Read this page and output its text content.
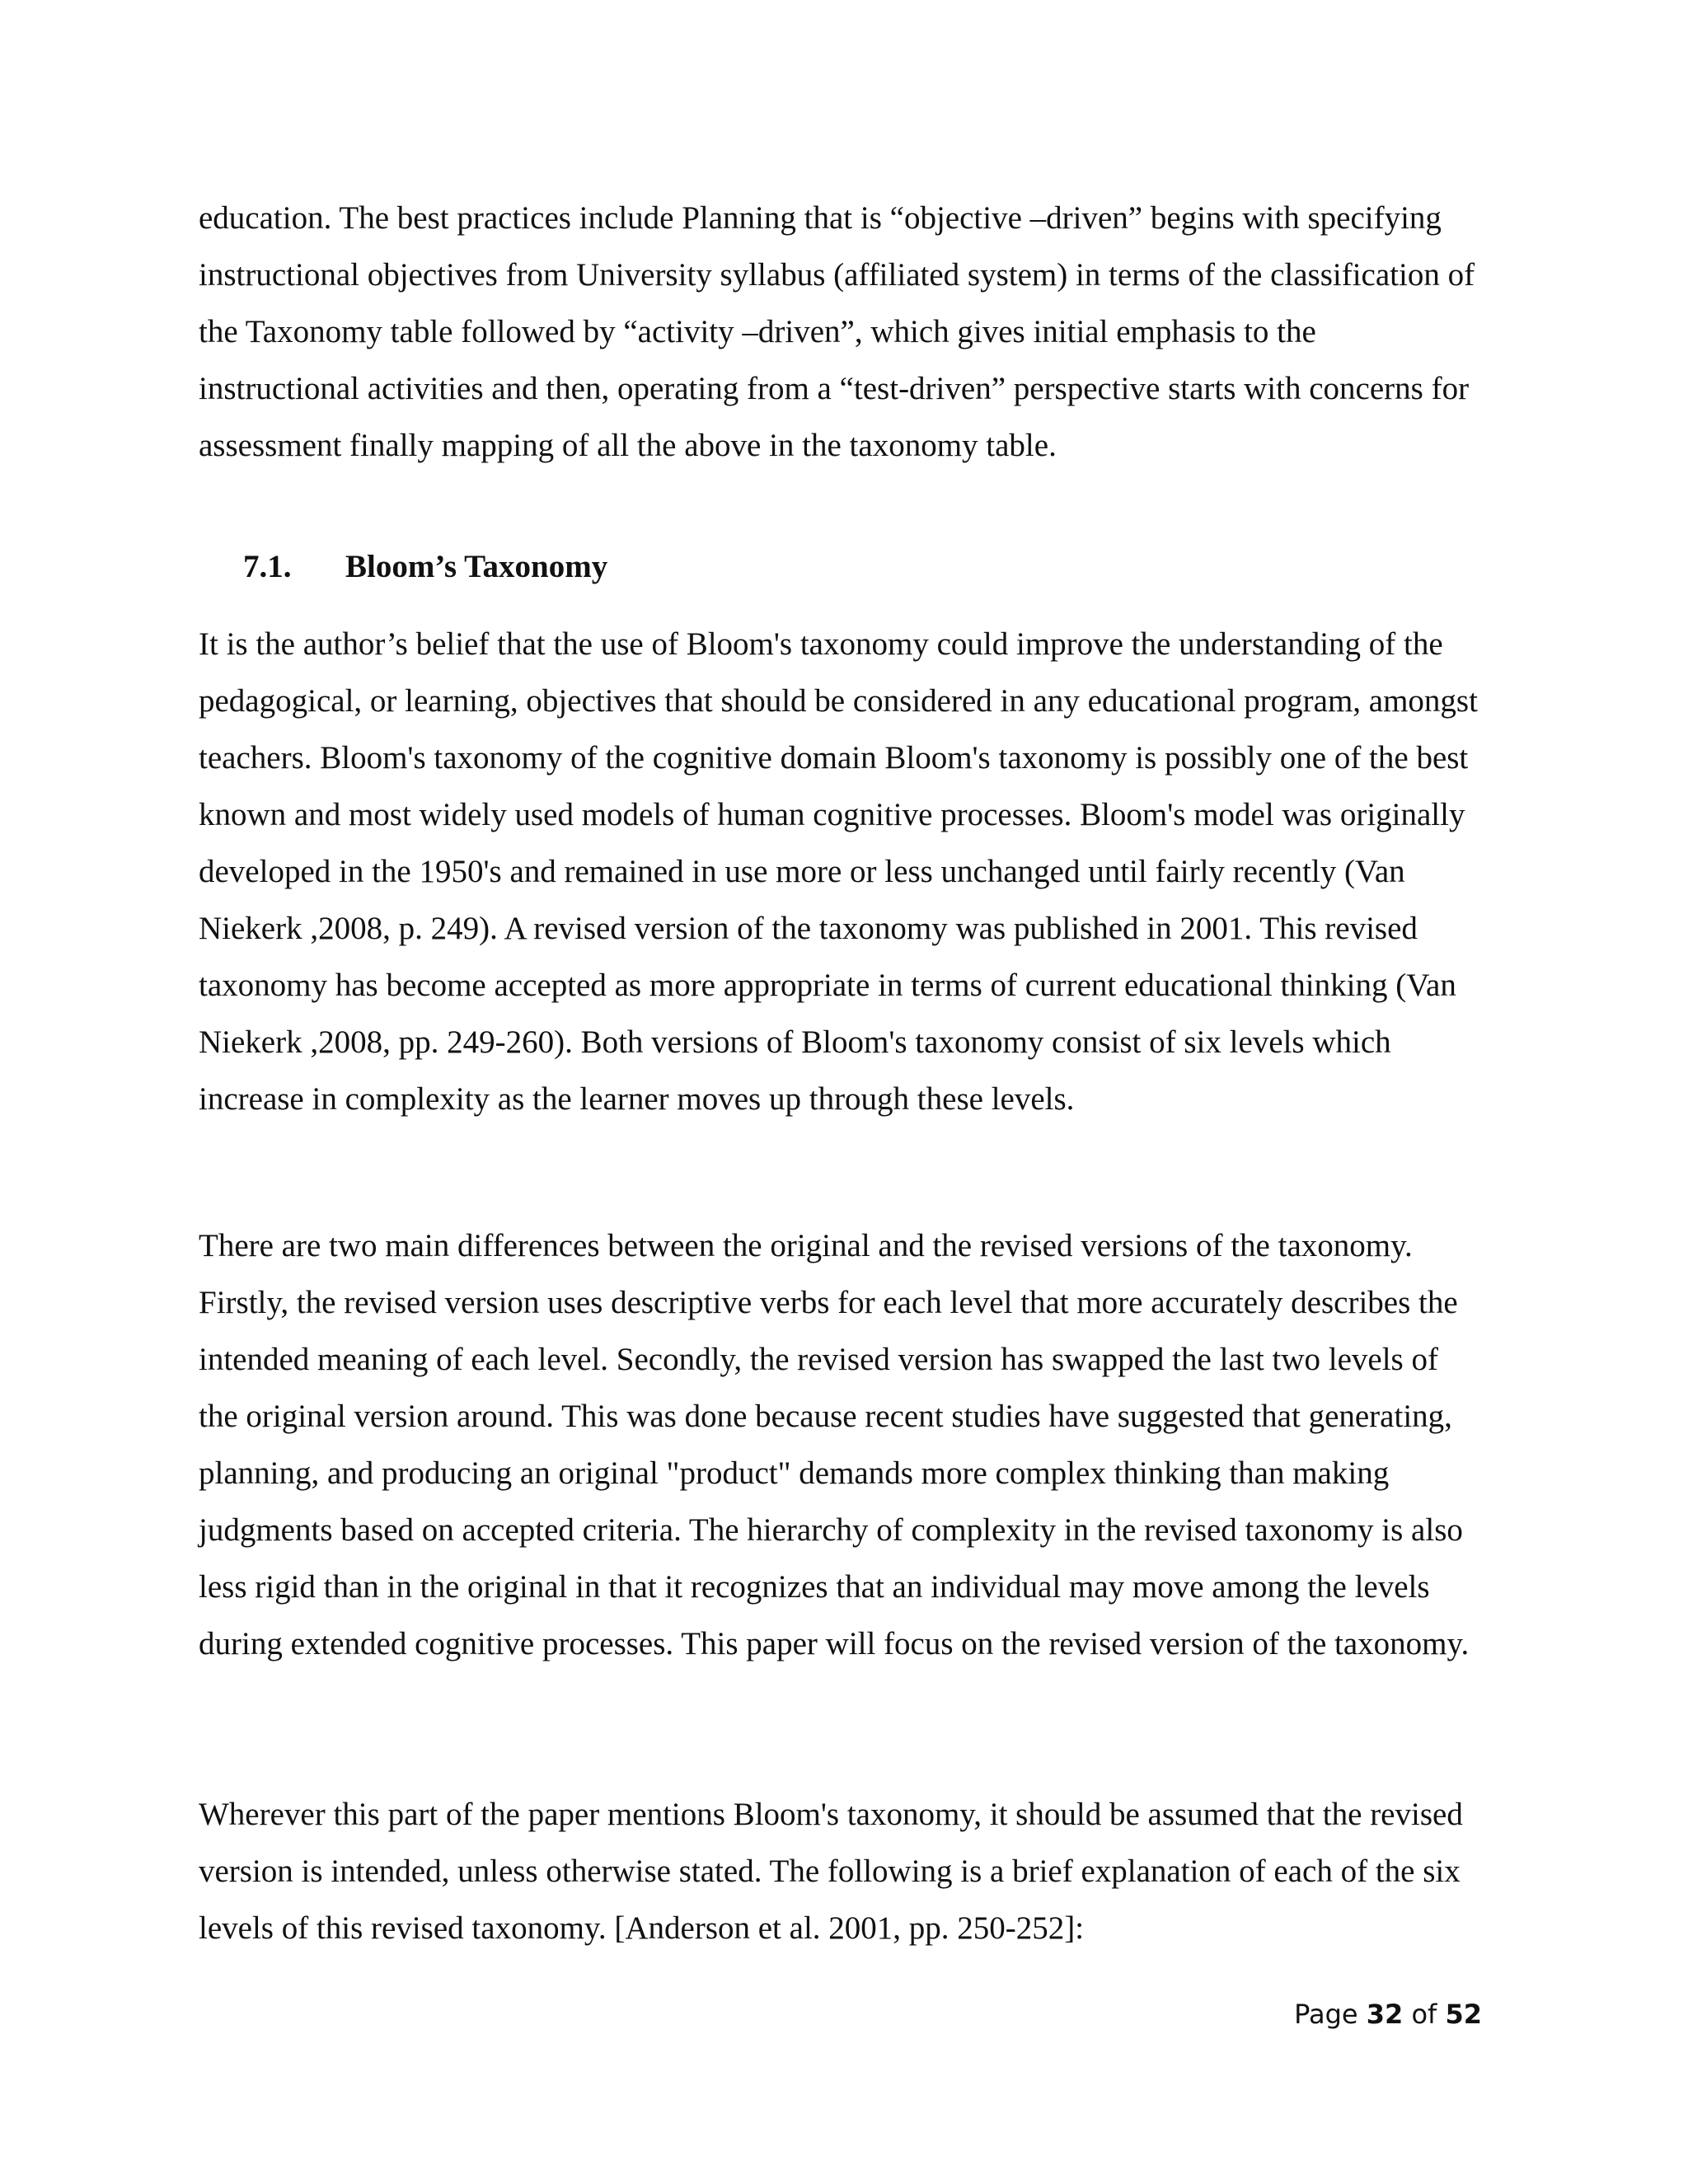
education. The best practices include Planning that is “objective –driven” begins with specifying instructional objectives from University syllabus (affiliated system) in terms of the classification of the Taxonomy table followed by “activity –driven”, which gives initial emphasis to the instructional activities and then, operating from a “test-driven” perspective starts with concerns for assessment finally mapping of all the above in the taxonomy table.

7.1. Bloom’s Taxonomy

It is the author’s belief that the use of Bloom's taxonomy could improve the understanding of the pedagogical, or learning, objectives that should be considered in any educational program, amongst teachers. Bloom's taxonomy of the cognitive domain Bloom's taxonomy is possibly one of the best known and most widely used models of human cognitive processes. Bloom's model was originally developed in the 1950's and remained in use more or less unchanged until fairly recently (Van Niekerk ,2008, p. 249). A revised version of the taxonomy was published in 2001. This revised taxonomy has become accepted as more appropriate in terms of current educational thinking (Van Niekerk ,2008, pp. 249-260). Both versions of Bloom's taxonomy consist of six levels which increase in complexity as the learner moves up through these levels.

There are two main differences between the original and the revised versions of the taxonomy. Firstly, the revised version uses descriptive verbs for each level that more accurately describes the intended meaning of each level. Secondly, the revised version has swapped the last two levels of the original version around. This was done because recent studies have suggested that generating, planning, and producing an original "product" demands more complex thinking than making judgments based on accepted criteria. The hierarchy of complexity in the revised taxonomy is also less rigid than in the original in that it recognizes that an individual may move among the levels during extended cognitive processes. This paper will focus on the revised version of the taxonomy.

Wherever this part of the paper mentions Bloom's taxonomy, it should be assumed that the revised version is intended, unless otherwise stated. The following is a brief explanation of each of the six levels of this revised taxonomy. [Anderson et al. 2001, pp. 250-252]:

Page 32 of 52
